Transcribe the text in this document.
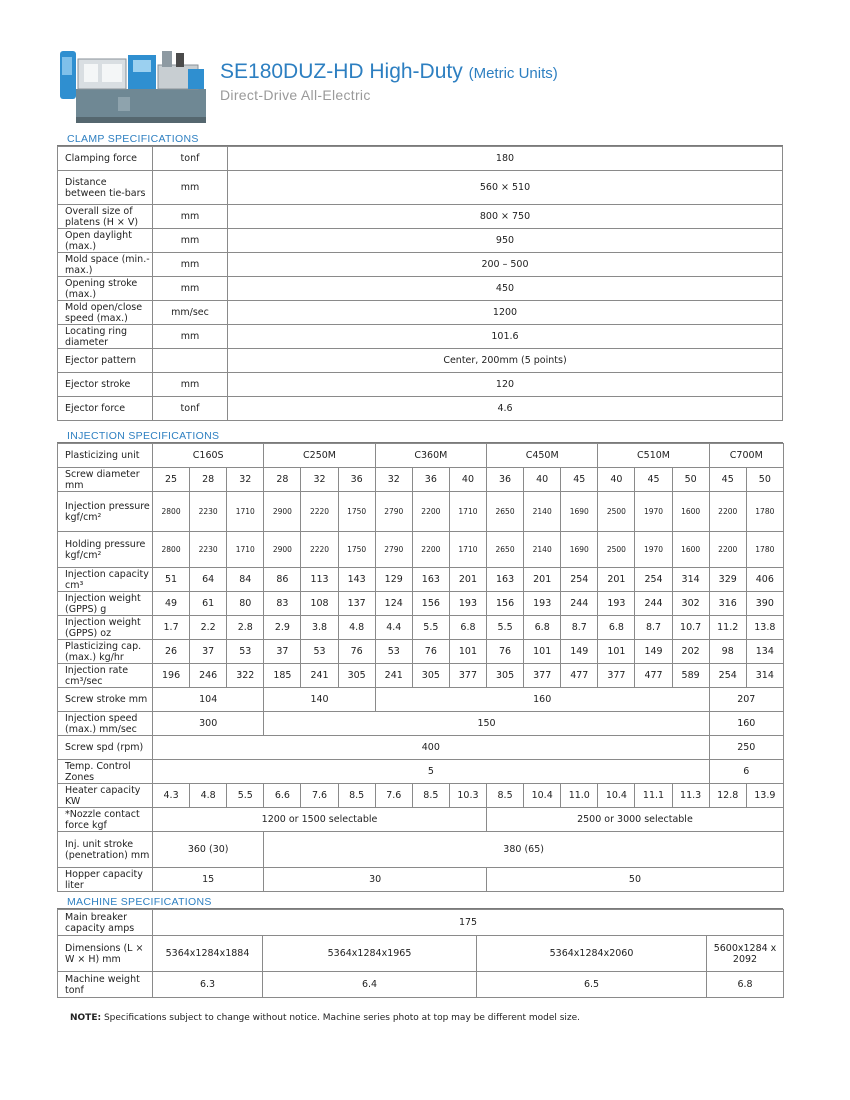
SE180DUZ-HD High-Duty (Metric Units)
Direct-Drive All-Electric
CLAMP SPECIFICATIONS
Clamping force	tonf	180
Distance between tie-bars	mm	560 × 510
Overall size of platens (H × V)	mm	800 × 750
Open daylight (max.)	mm	950
Mold space (min.-max.)	mm	200 – 500
Opening stroke (max.)	mm	450
Mold open/close speed (max.)	mm/sec	1200
Locating ring diameter	mm	101.6
Ejector pattern		Center, 200mm (5 points)
Ejector stroke	mm	120
Ejector force	tonf	4.6
INJECTION SPECIFICATIONS
Plasticizing unit	C160S			C250M			C360M			C450M			C510M			C700M	
Screw diameter mm	25	28	32	28	32	36	32	36	40	36	40	45	40	45	50	45	50
Injection pressure kgf/cm²	2800	2230	1710	2900	2220	1750	2790	2200	1710	2650	2140	1690	2500	1970	1600	2200	1780
Holding pressure kgf/cm²	2800	2230	1710	2900	2220	1750	2790	2200	1710	2650	2140	1690	2500	1970	1600	2200	1780
Injection capacity cm³	51	64	84	86	113	143	129	163	201	163	201	254	201	254	314	329	406
Injection weight (GPPS) g	49	61	80	83	108	137	124	156	193	156	193	244	193	244	302	316	390
Injection weight (GPPS) oz	1.7	2.2	2.8	2.9	3.8	4.8	4.4	5.5	6.8	5.5	6.8	8.7	6.8	8.7	10.7	11.2	13.8
Plasticizing cap. (max.) kg/hr	26	37	53	37	53	76	53	76	101	76	101	149	101	149	202	98	134
Injection rate cm³/sec	196	246	322	185	241	305	241	305	377	305	377	477	377	477	589	254	314
Screw stroke mm	104			140			160									207	
Injection speed (max.) mm/sec	300			150												160	
Screw spd (rpm)	400															250	
Temp. Control Zones	5															6	
Heater capacity KW	4.3	4.8	5.5	6.6	7.6	8.5	7.6	8.5	10.3	8.5	10.4	11.0	10.4	11.1	11.3	12.8	13.9
*Nozzle contact force kgf	1200 or 1500 selectable									2500 or 3000 selectable							
Inj. unit stroke (penetration) mm	360 (30)			380 (65)													
Hopper capacity liter	15			30						50							
MACHINE SPECIFICATIONS
Main breaker capacity amps	175			
Dimensions (L × W × H) mm	5364x1284x1884	5364x1284x1965	5364x1284x2060	5600x1284 x 2092
Machine weight tonf	6.3	6.4	6.5	6.8
NOTE: Specifications subject to change without notice. Machine series photo at top may be different model size.
